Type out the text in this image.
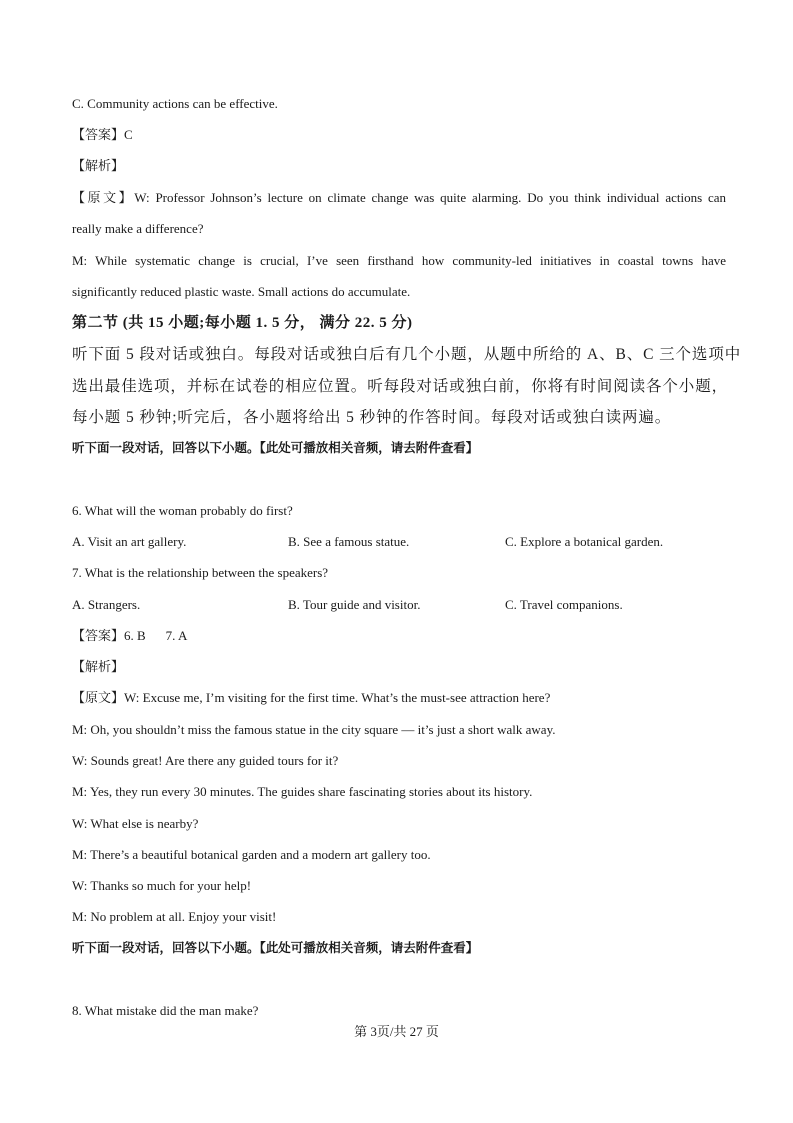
C. Community actions can be effective.
【答案】C
【解析】
【原文】W: Professor Johnson’s lecture on climate change was quite alarming. Do you think individual actions can
really make a difference?
M: While systematic change is crucial, I’ve seen firsthand how community-led initiatives in coastal towns have
significantly reduced plastic waste. Small actions do accumulate.
第二节 (共 15 小题;每小题 1. 5 分， 满分 22. 5 分)
听下面 5 段对话或独白。每段对话或独白后有几个小题，从题中所给的 A、B、C 三个选项中
选出最佳选项，并标在试卷的相应位置。听每段对话或独白前，你将有时间阅读各个小题，
每小题 5 秒钟;听完后，各小题将给出 5 秒钟的作答时间。每段对话或独白读两遍。
听下面一段对话，回答以下小题。【此处可播放相关音频，请去附件查看】
6. What will the woman probably do first?
A. Visit an art gallery.	B. See a famous statue.	C. Explore a botanical garden.
7. What is the relationship between the speakers?
A. Strangers.	B. Tour guide and visitor.	C. Travel companions.
【答案】6. B 7. A
【解析】
【原文】W: Excuse me, I’m visiting for the first time. What’s the must-see attraction here?
M: Oh, you shouldn’t miss the famous statue in the city square — it’s just a short walk away.
W: Sounds great! Are there any guided tours for it?
M: Yes, they run every 30 minutes. The guides share fascinating stories about its history.
W: What else is nearby?
M: There’s a beautiful botanical garden and a modern art gallery too.
W: Thanks so much for your help!
M: No problem at all. Enjoy your visit!
听下面一段对话，回答以下小题。【此处可播放相关音频，请去附件查看】
8. What mistake did the man make?
第 3页/共 27 页
